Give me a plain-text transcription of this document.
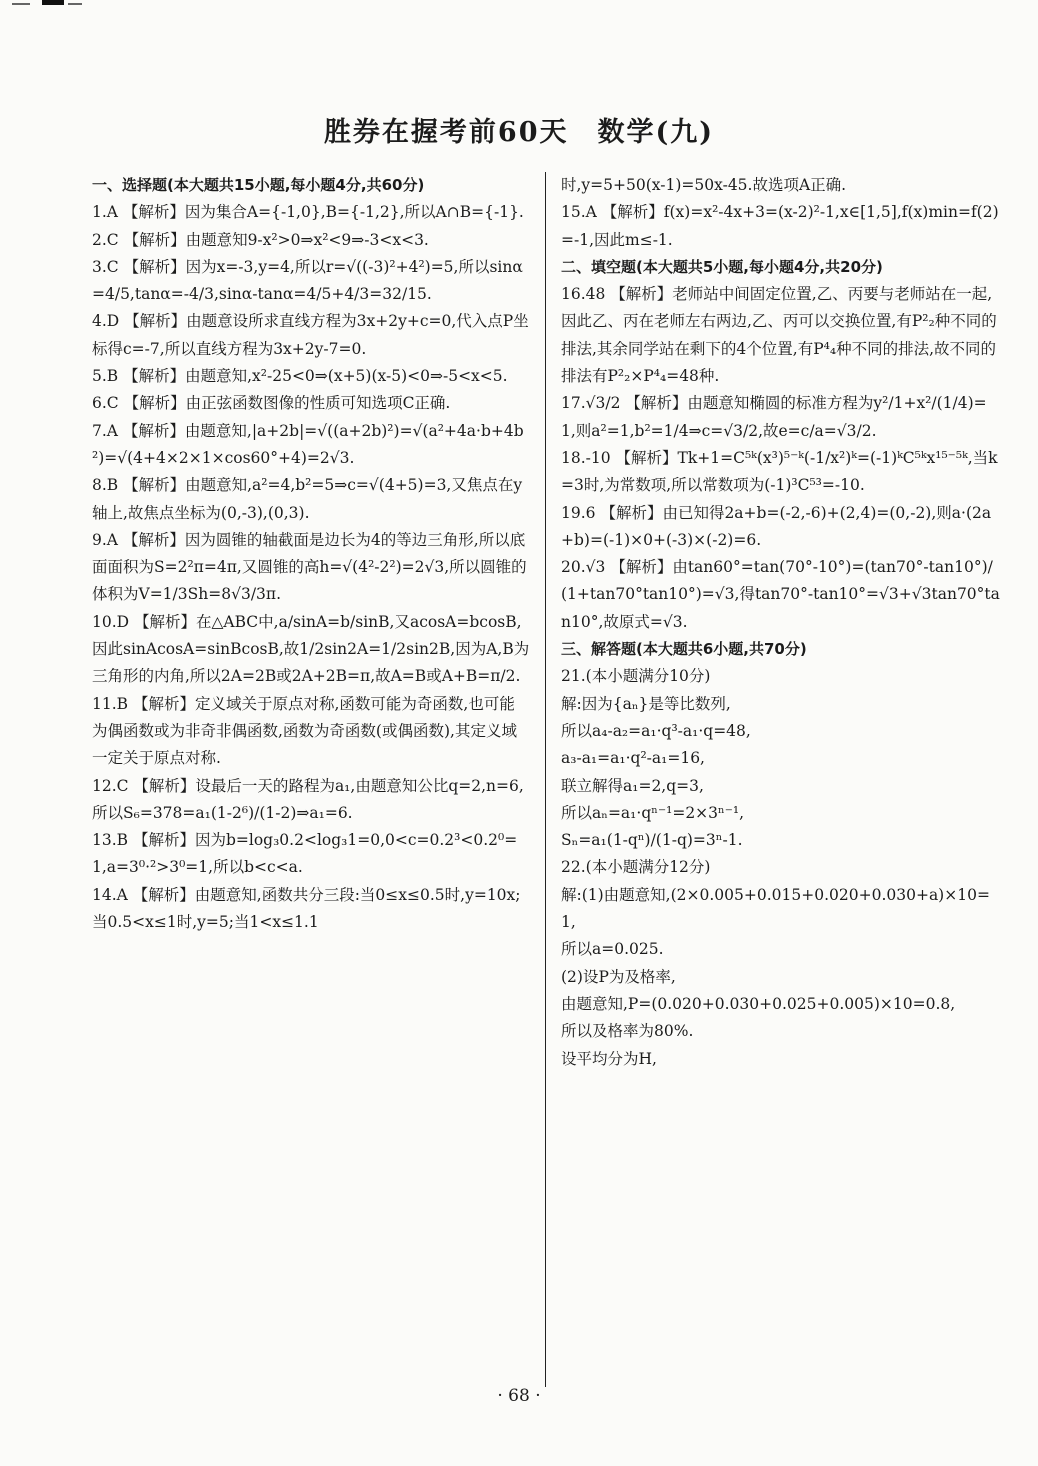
胜券在握考前60天　数学(九)

一、选择题(本大题共15小题,每小题4分,共60分)

1.A 【解析】因为集合A={-1,0},B={-1,2},所以A∩B={-1}.

2.C 【解析】由题意知9-x²>0⇒x²<9⇒-3<x<3.

3.C 【解析】因为x=-3,y=4,所以r=√((-3)²+4²)=5,所以sinα=4/5,tanα=-4/3,sinα-tanα=4/5+4/3=32/15.

4.D 【解析】由题意设所求直线方程为3x+2y+c=0,代入点P坐标得c=-7,所以直线方程为3x+2y-7=0.

5.B 【解析】由题意知,x²-25<0⇒(x+5)(x-5)<0⇒-5<x<5.

6.C 【解析】由正弦函数图像的性质可知选项C正确.

7.A 【解析】由题意知,|a+2b|=√((a+2b)²)=√(a²+4a·b+4b²)=√(4+4×2×1×cos60°+4)=2√3.

8.B 【解析】由题意知,a²=4,b²=5⇒c=√(4+5)=3,又焦点在y轴上,故焦点坐标为(0,-3),(0,3).

9.A 【解析】因为圆锥的轴截面是边长为4的等边三角形,所以底面面积为S=2²π=4π,又圆锥的高h=√(4²-2²)=2√3,所以圆锥的体积为V=1/3Sh=8√3/3π.

10.D 【解析】在△ABC中,a/sinA=b/sinB,又acosA=bcosB,因此sinAcosA=sinBcosB,故1/2sin2A=1/2sin2B,因为A,B为三角形的内角,所以2A=2B或2A+2B=π,故A=B或A+B=π/2.

11.B 【解析】定义域关于原点对称,函数可能为奇函数,也可能为偶函数或为非奇非偶函数,函数为奇函数(或偶函数),其定义域一定关于原点对称.

12.C 【解析】设最后一天的路程为a₁,由题意知公比q=2,n=6,所以S₆=378=a₁(1-2⁶)/(1-2)⇒a₁=6.

13.B 【解析】因为b=log₃0.2<log₃1=0,0<c=0.2³<0.2⁰=1,a=3⁰·²>3⁰=1,所以b<c<a.

14.A 【解析】由题意知,函数共分三段:当0≤x≤0.5时,y=10x;当0.5<x≤1时,y=5;当1<x≤1.1

时,y=5+50(x-1)=50x-45.故选项A正确.

15.A 【解析】f(x)=x²-4x+3=(x-2)²-1,x∈[1,5],f(x)min=f(2)=-1,因此m≤-1.

二、填空题(本大题共5小题,每小题4分,共20分)

16.48 【解析】老师站中间固定位置,乙、丙要与老师站在一起,因此乙、丙在老师左右两边,乙、丙可以交换位置,有P²₂种不同的排法,其余同学站在剩下的4个位置,有P⁴₄种不同的排法,故不同的排法有P²₂×P⁴₄=48种.

17.√3/2 【解析】由题意知椭圆的标准方程为y²/1+x²/(1/4)=1,则a²=1,b²=1/4⇒c=√3/2,故e=c/a=√3/2.

18.-10 【解析】Tk+1=C⁵ᵏ(x³)⁵⁻ᵏ(-1/x²)ᵏ=(-1)ᵏC⁵ᵏx¹⁵⁻⁵ᵏ,当k=3时,为常数项,所以常数项为(-1)³C⁵³=-10.

19.6 【解析】由已知得2a+b=(-2,-6)+(2,4)=(0,-2),则a·(2a+b)=(-1)×0+(-3)×(-2)=6.

20.√3 【解析】由tan60°=tan(70°-10°)=(tan70°-tan10°)/(1+tan70°tan10°)=√3,得tan70°-tan10°=√3+√3tan70°tan10°,故原式=√3.

三、解答题(本大题共6小题,共70分)

21.(本小题满分10分)

解:因为{aₙ}是等比数列,

所以a₄-a₂=a₁·q³-a₁·q=48,

a₃-a₁=a₁·q²-a₁=16,

联立解得a₁=2,q=3,

所以aₙ=a₁·qⁿ⁻¹=2×3ⁿ⁻¹,

Sₙ=a₁(1-qⁿ)/(1-q)=3ⁿ-1.

22.(本小题满分12分)

解:(1)由题意知,(2×0.005+0.015+0.020+0.030+a)×10=1,

所以a=0.025.

(2)设P为及格率,

由题意知,P=(0.020+0.030+0.025+0.005)×10=0.8,

所以及格率为80%.

设平均分为H,

· 68 ·
